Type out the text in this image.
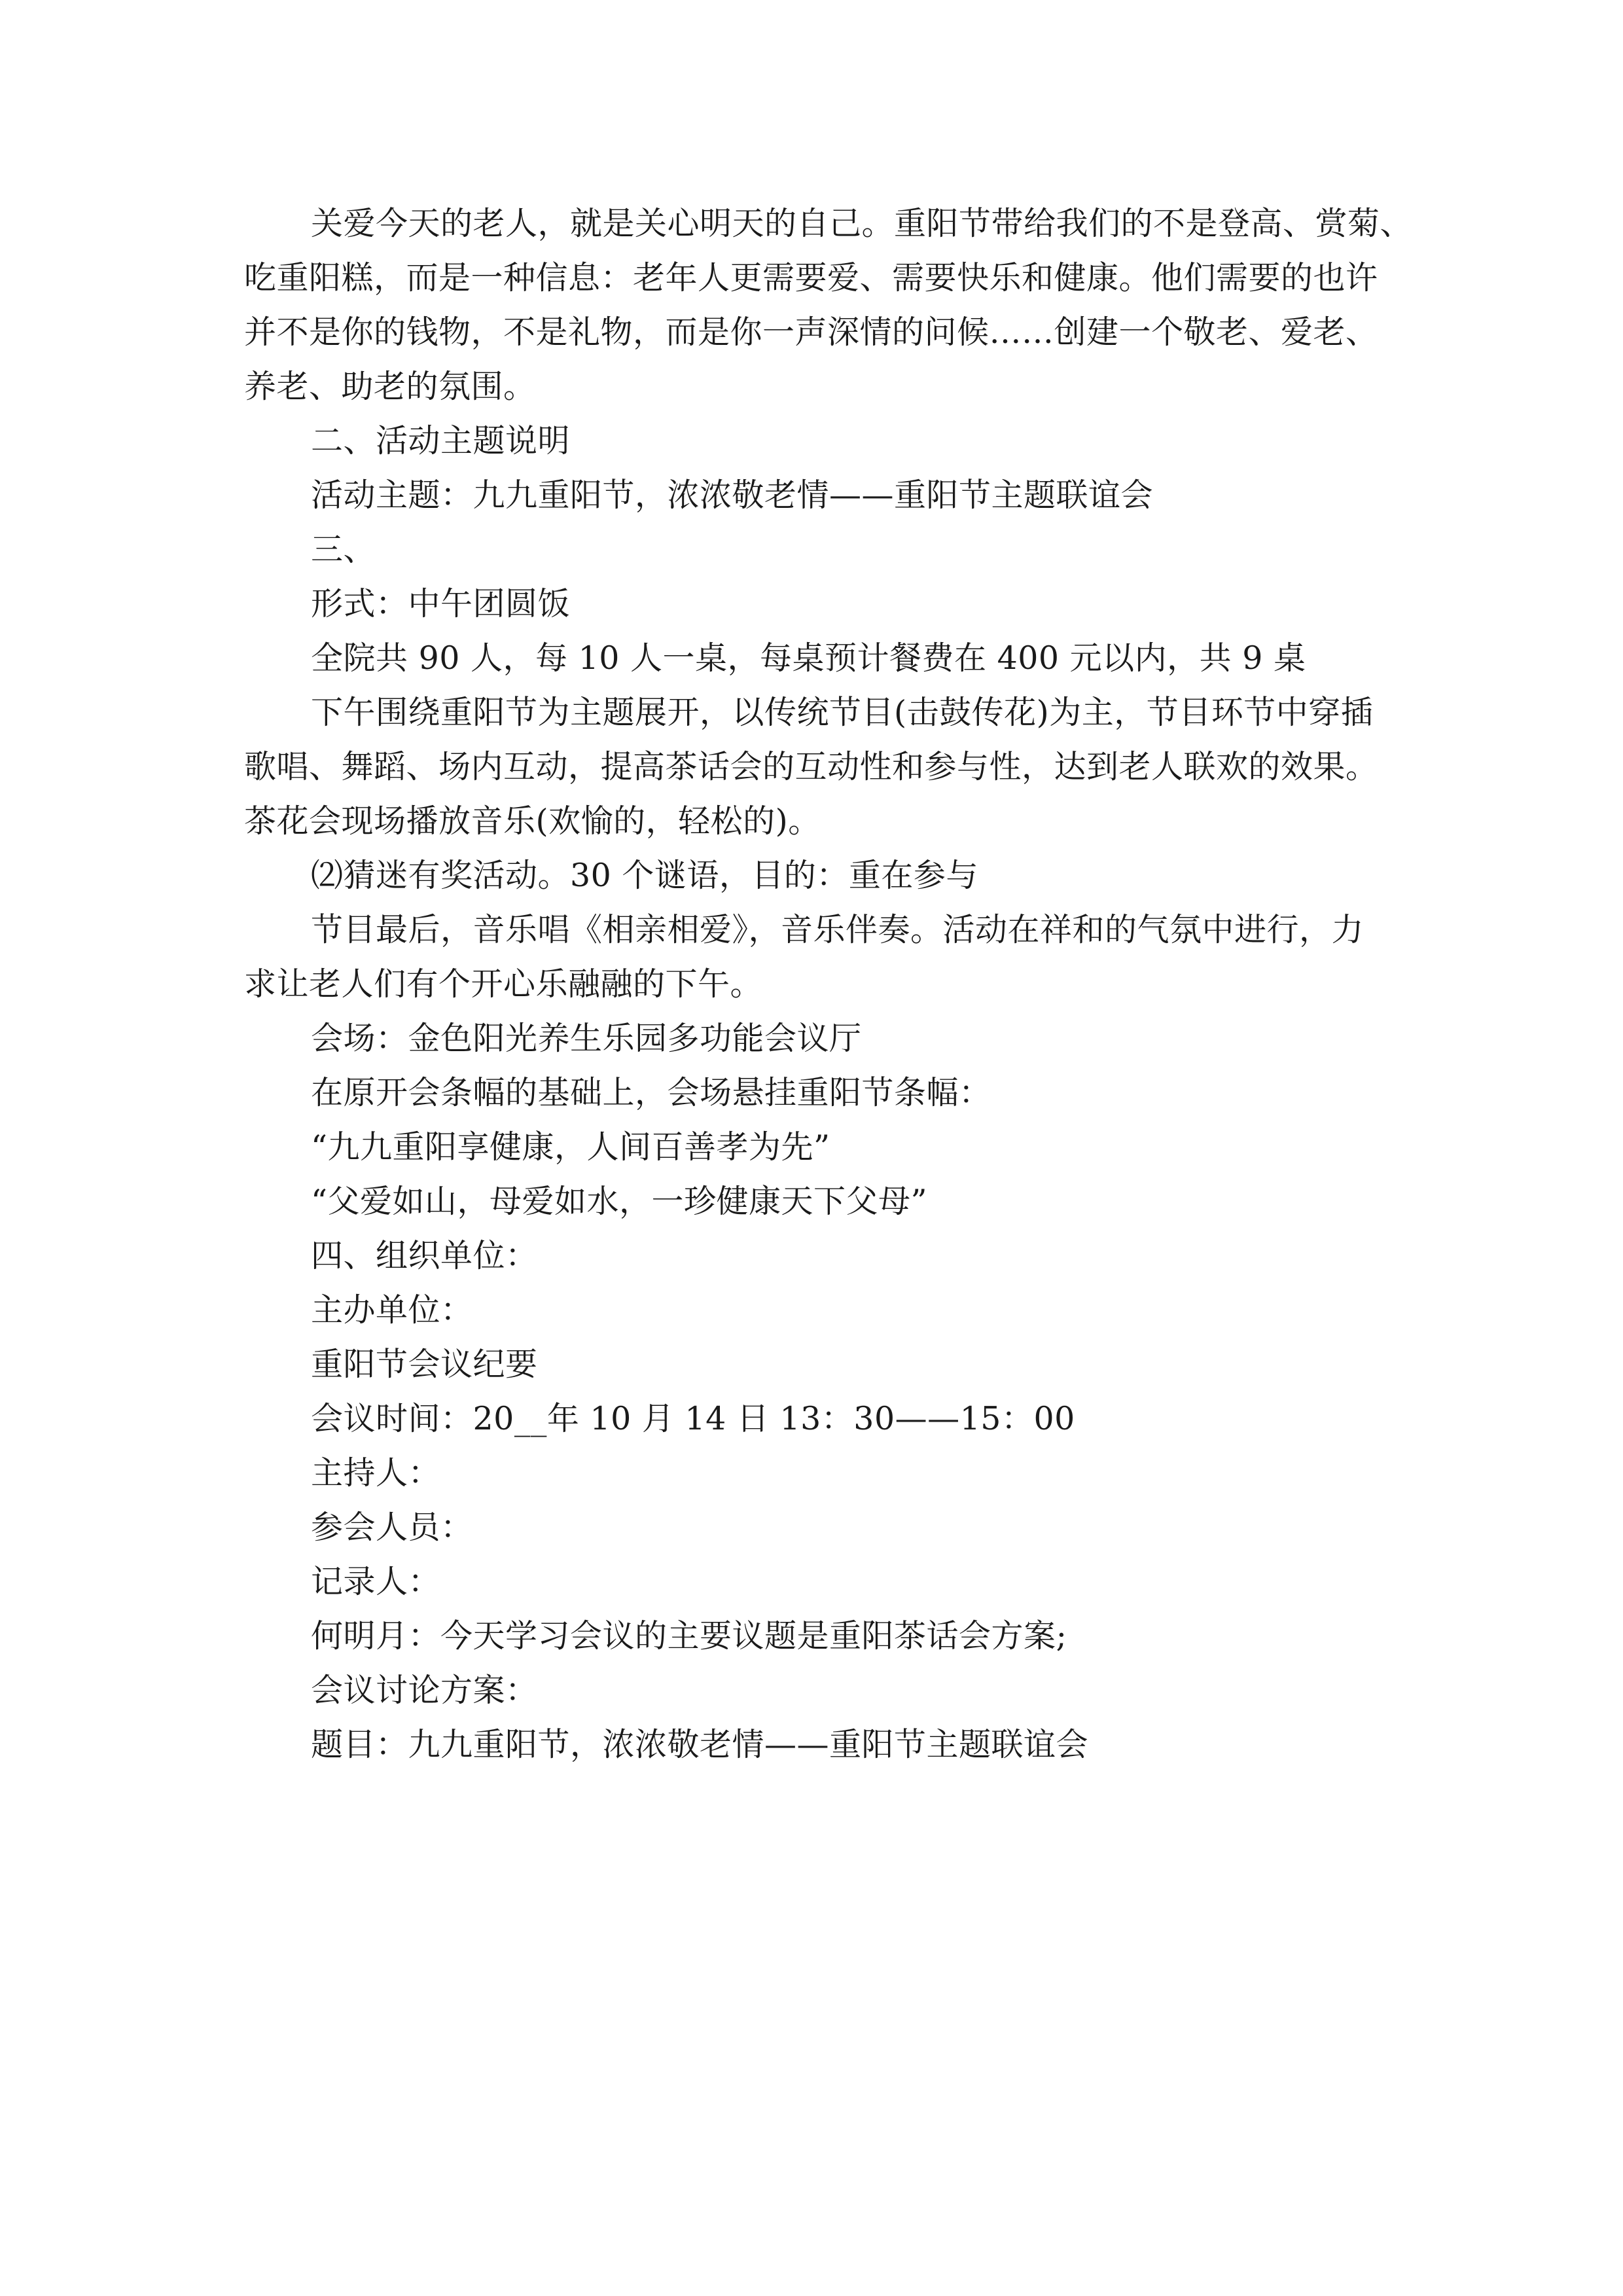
关爱今天的老人，就是关心明天的自己。重阳节带给我们的不是登高、赏菊、
吃重阳糕，而是一种信息：老年人更需要爱、需要快乐和健康。他们需要的也许
并不是你的钱物，不是礼物，而是你一声深情的问候……创建一个敬老、爱老、
养老、助老的氛围。
二、活动主题说明
活动主题：九九重阳节，浓浓敬老情——重阳节主题联谊会
三、
形式：中午团圆饭
全院共 90 人，每 10 人一桌，每桌预计餐费在 400 元以内，共 9 桌
下午围绕重阳节为主题展开，以传统节目(击鼓传花)为主，节目环节中穿插
歌唱、舞蹈、场内互动，提高茶话会的互动性和参与性，达到老人联欢的效果。
茶花会现场播放音乐(欢愉的，轻松的)。
⑵猜迷有奖活动。30 个谜语，目的：重在参与
节目最后，音乐唱《相亲相爱》，音乐伴奏。活动在祥和的气氛中进行，力
求让老人们有个开心乐融融的下午。
会场：金色阳光养生乐园多功能会议厅
在原开会条幅的基础上，会场悬挂重阳节条幅：
“九九重阳享健康，人间百善孝为先”
“父爱如山，母爱如水，一珍健康天下父母”
四、组织单位：
主办单位：
重阳节会议纪要
会议时间：20__年 10 月 14 日 13：30——15：00
主持人：
参会人员：
记录人：
何明月：今天学习会议的主要议题是重阳茶话会方案;
会议讨论方案：
题目：九九重阳节，浓浓敬老情——重阳节主题联谊会
